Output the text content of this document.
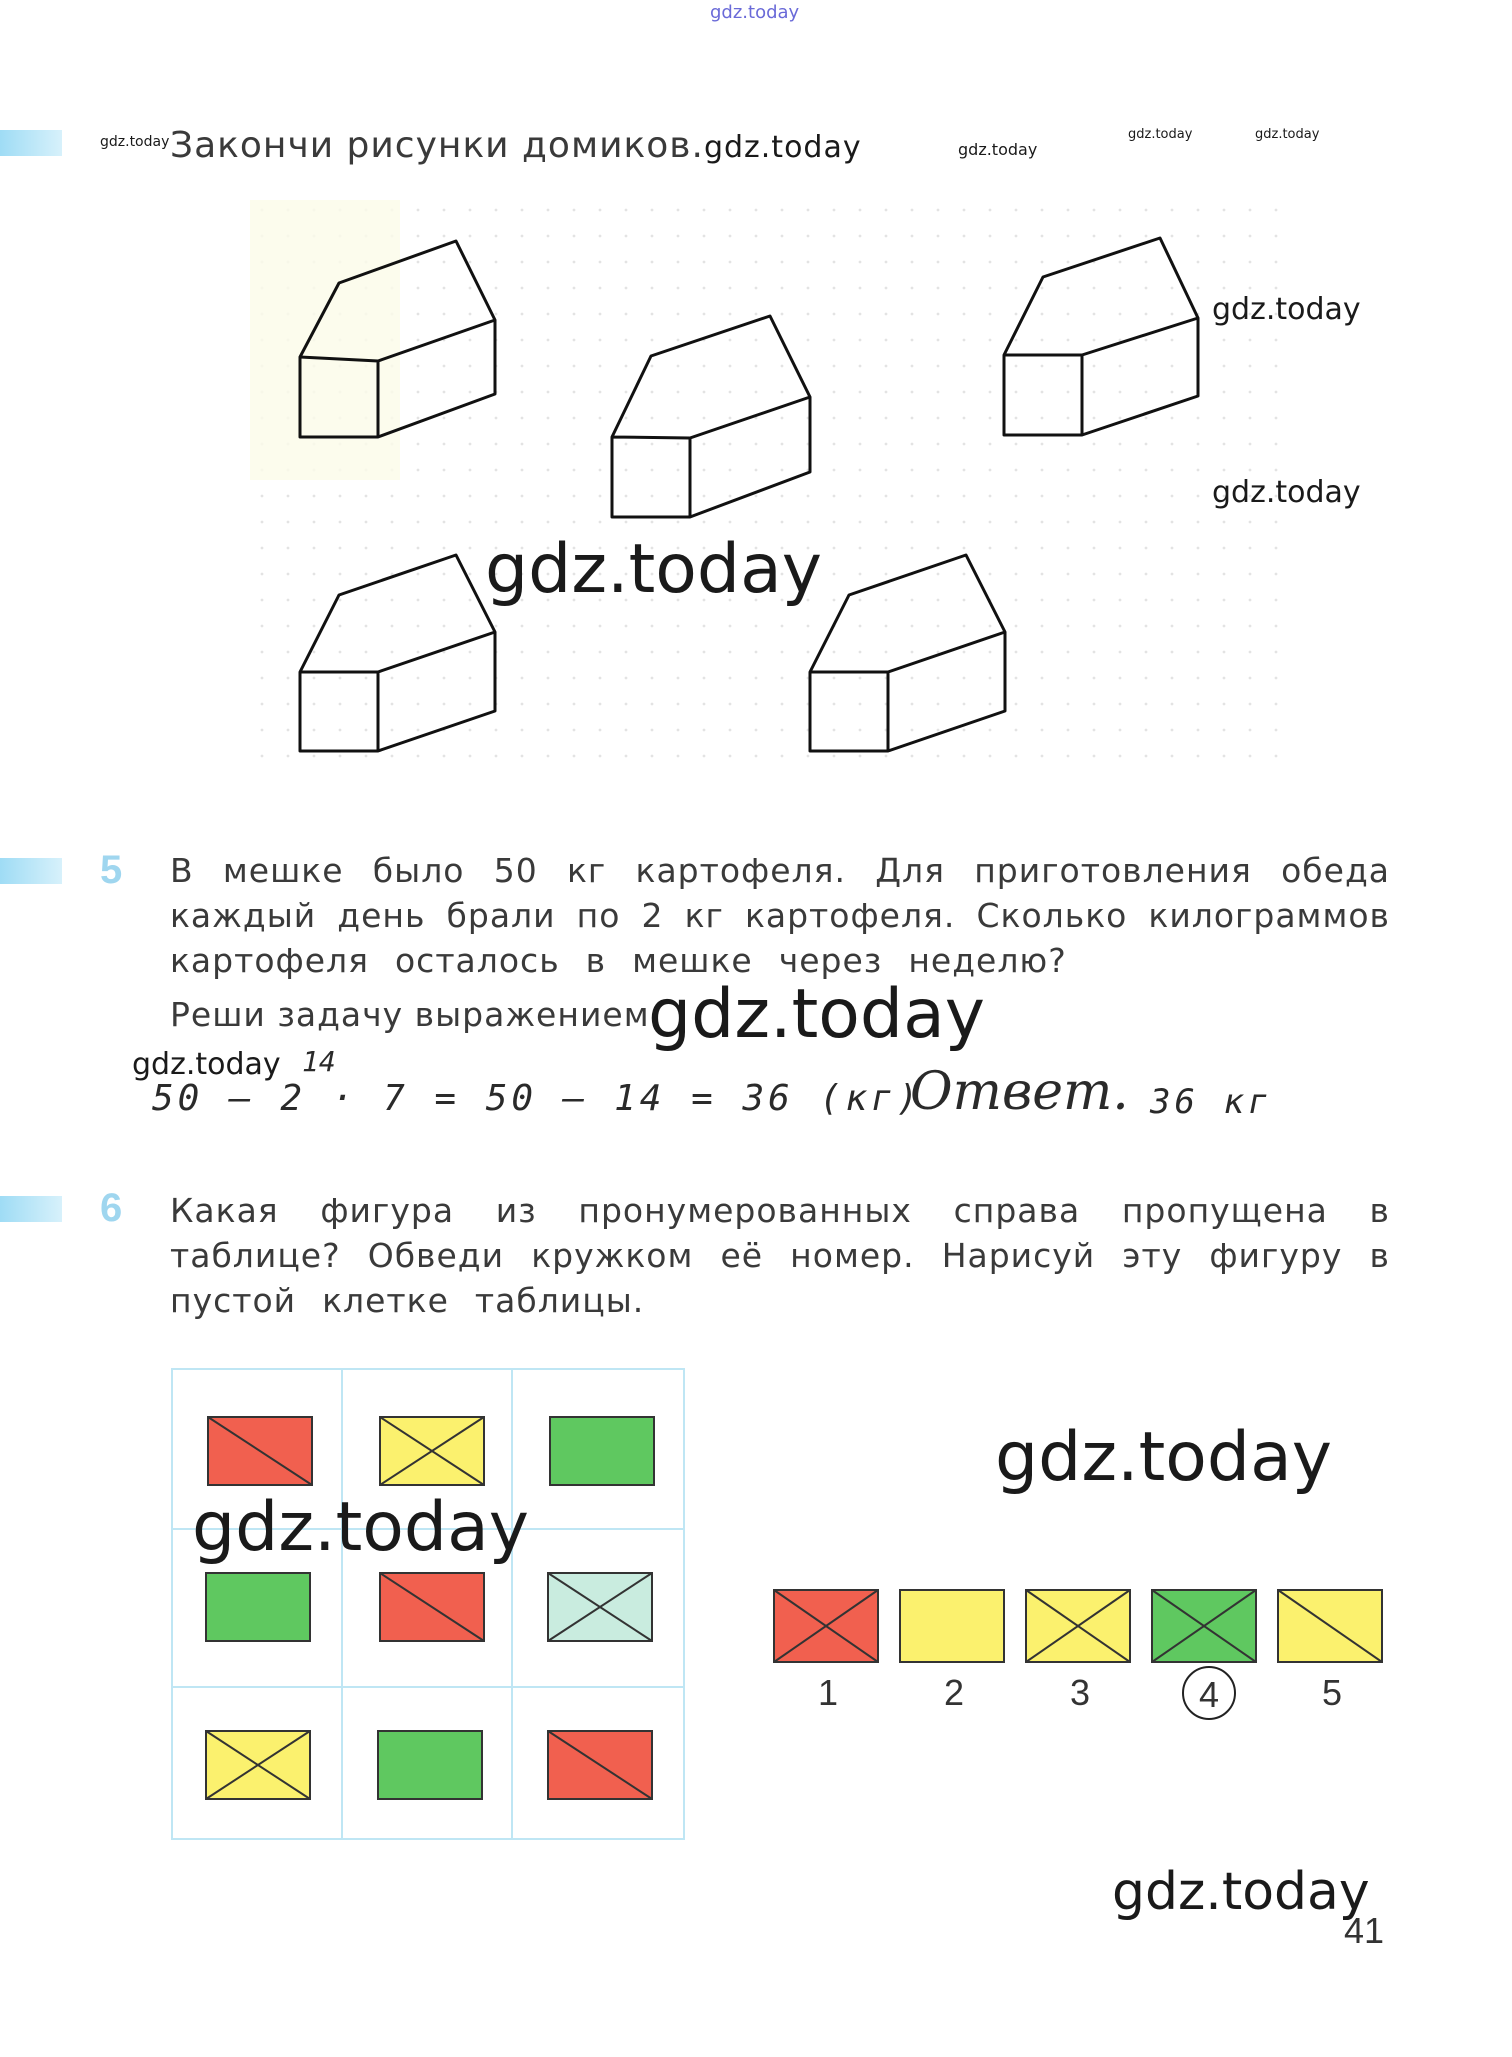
gdz.today
gdz.today Закончи рисунки домиков.gdz.today	gdz.today
gdz.today	gdz.today
gdz.today
gdz.today
gdz.today
5 В мешке было 50 кг картофеля. Для приготовления обеда
каждый день брали по 2 кг картофеля. Сколько килограммов
картофеля осталось в мешке через неделю?
Реши задачу выражением
gdz.today
gdz.today 14
50 – 2 · 7 = 50 – 14 = 36 (кг)
Ответ. 36 кг
6 Какая фигура из пронумерованных справа пропущена в
таблице? Обведи кружком её номер. Нарисуй эту фигуру в
пустой клетке таблицы.
gdz.today
gdz.today
1	2	3	4	5
gdz.today
41
